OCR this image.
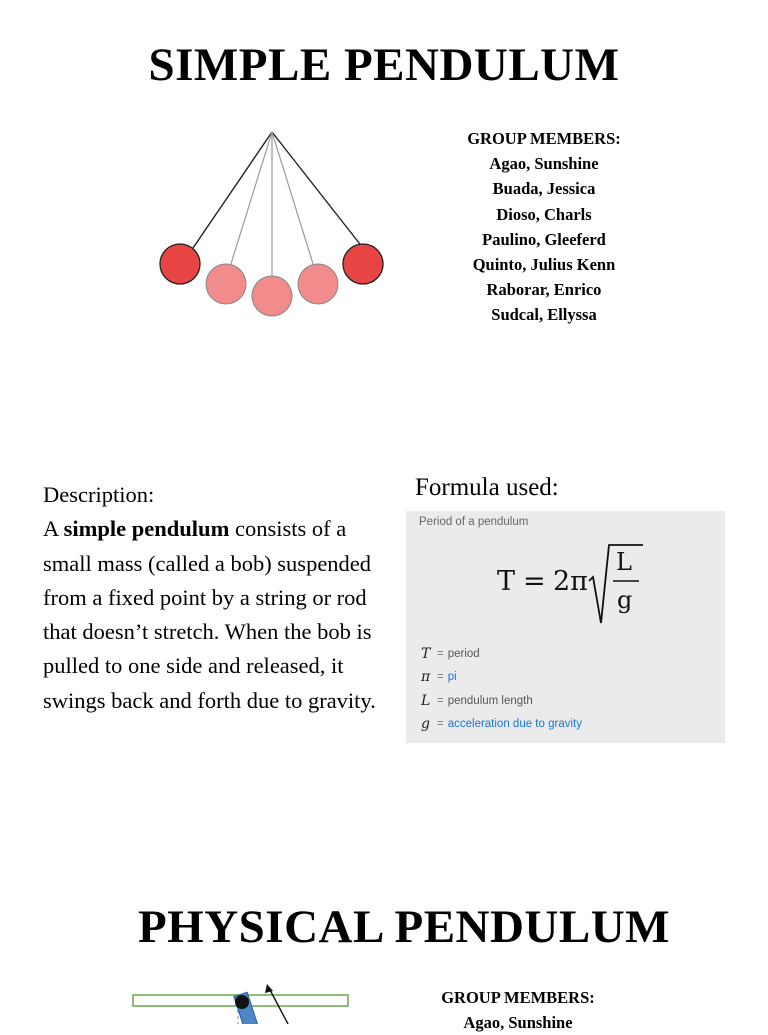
SIMPLE PENDULUM
GROUP MEMBERS:
Agao, Sunshine
Buada, Jessica
Dioso, Charls
Paulino, Gleeferd
Quinto, Julius Kenn
Raborar, Enrico
Sudcal, Ellyssa
Description:
A simple pendulum consists of a small mass (called a bob) suspended from a fixed point by a string or rod that doesn’t stretch. When the bob is pulled to one side and released, it swings back and forth due to gravity.
Formula used:
Period of a pendulum
T = 2π
L
g
T = period
π = pi
L = pendulum length
g = acceleration due to gravity
PHYSICAL PENDULUM
GROUP MEMBERS:
Agao, Sunshine
